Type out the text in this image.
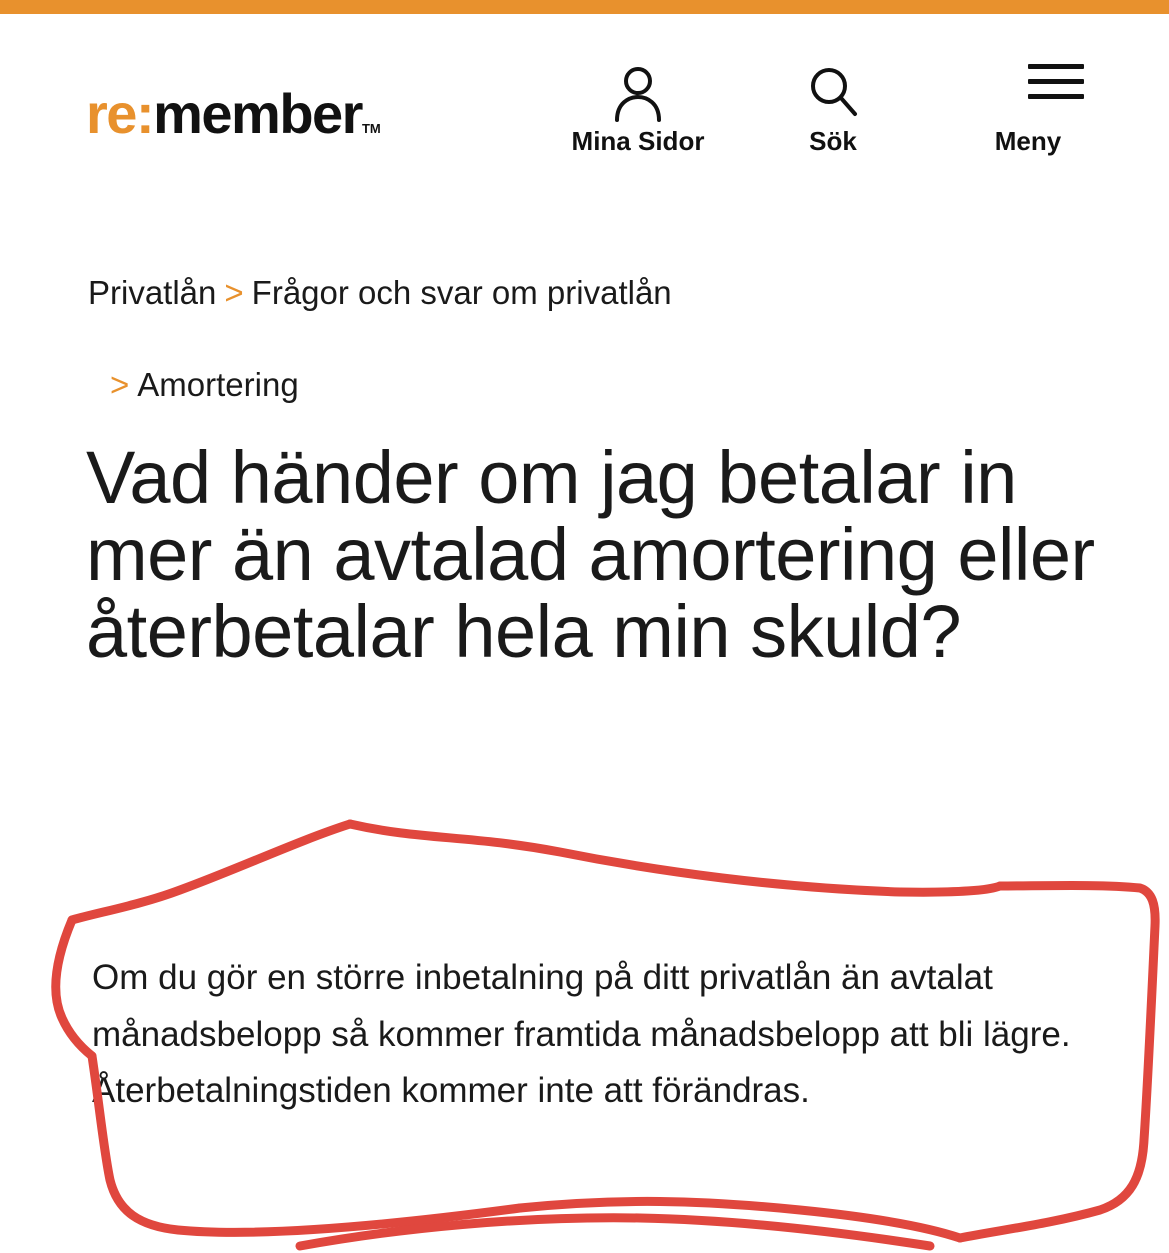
re:memberTM	Mina Sidor	Sök	Meny
Privatlån > Frågor och svar om privatlån
> Amortering
Vad händer om jag betalar in mer än avtalad amortering eller återbetalar hela min skuld?

Om du gör en större inbetalning på ditt privatlån än avtalat månadsbelopp så kommer framtida månadsbelopp att bli lägre. Återbetalningstiden kommer inte att förändras.
